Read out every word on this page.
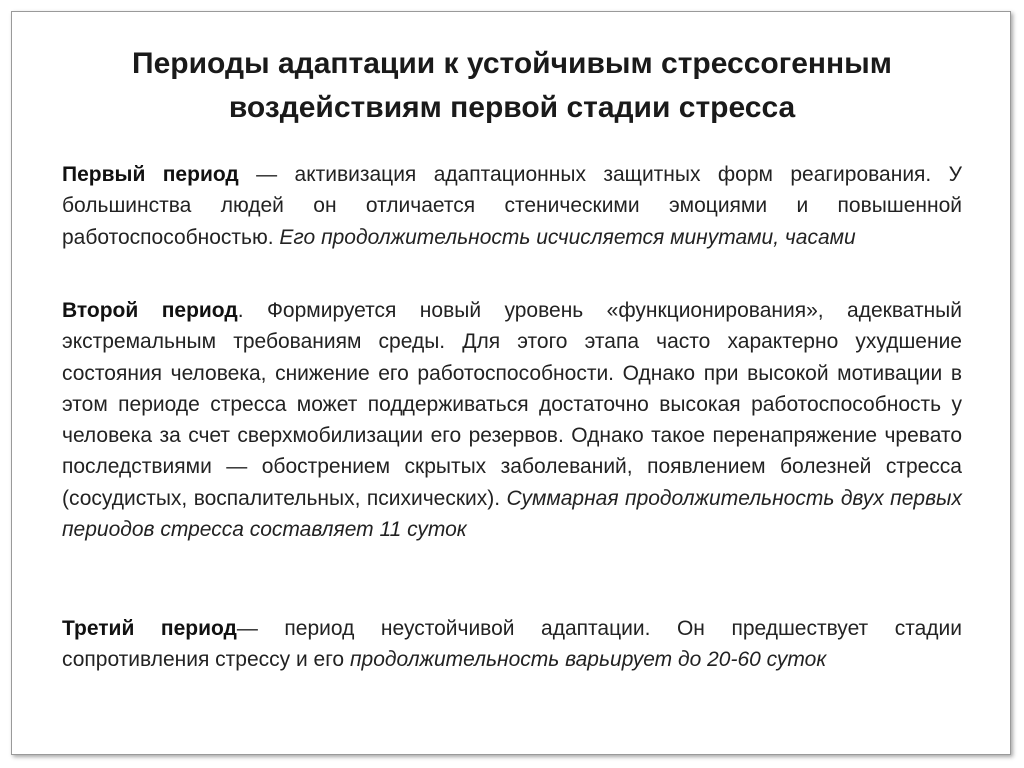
Периоды адаптации к устойчивым стрессогенным
воздействиям первой стадии стресса

Первый период — активизация адаптационных защитных форм реагирования. У большинства людей он отличается стеническими эмоциями и повышенной работоспособностью. Его продолжительность исчисляется минутами, часами

Второй период. Формируется новый уровень «функционирования», адекватный экстремальным требованиям среды. Для этого этапа часто характерно ухудшение состояния человека, снижение его работоспособности. Однако при высокой мотивации в этом периоде стресса может поддерживаться достаточно высокая работоспособность у человека за счет сверхмобилизации его резервов. Однако такое перенапряжение чревато последствиями — обострением скрытых заболеваний, появлением болезней стресса (сосудистых, воспалительных, психических). Суммарная продолжительность двух первых периодов стресса составляет 11 суток

Третий период— период неустойчивой адаптации. Он предшествует стадии сопротивления стрессу и его продолжительность варьирует до 20-60 суток
